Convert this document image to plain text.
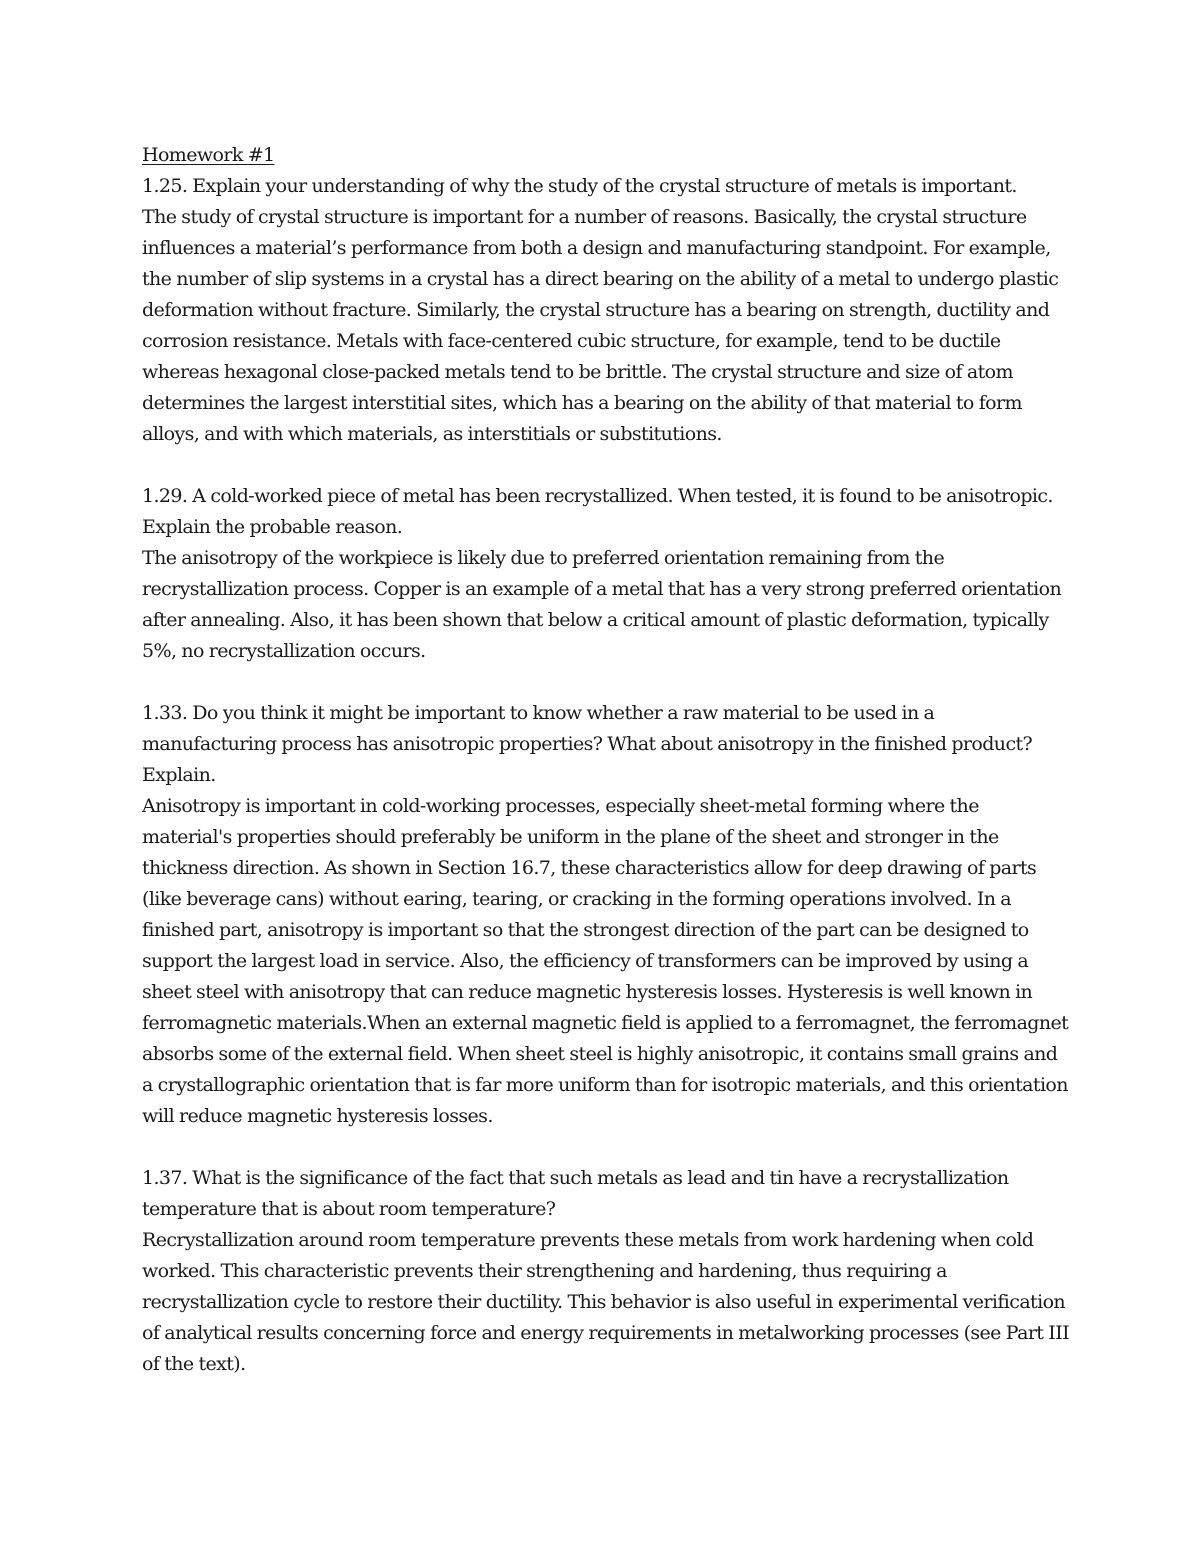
Homework #1

1.25. Explain your understanding of why the study of the crystal structure of metals is important.

The study of crystal structure is important for a number of reasons. Basically, the crystal structure influences a material’s performance from both a design and manufacturing standpoint. For example, the number of slip systems in a crystal has a direct bearing on the ability of a metal to undergo plastic deformation without fracture. Similarly, the crystal structure has a bearing on strength, ductility and corrosion resistance. Metals with face-centered cubic structure, for example, tend to be ductile whereas hexagonal close-packed metals tend to be brittle. The crystal structure and size of atom determines the largest interstitial sites, which has a bearing on the ability of that material to form alloys, and with which materials, as interstitials or substitutions.

1.29. A cold-worked piece of metal has been recrystallized. When tested, it is found to be anisotropic. Explain the probable reason.

The anisotropy of the workpiece is likely due to preferred orientation remaining from the recrystallization process. Copper is an example of a metal that has a very strong preferred orientation after annealing. Also, it has been shown that below a critical amount of plastic deformation, typically 5%, no recrystallization occurs.

1.33. Do you think it might be important to know whether a raw material to be used in a manufacturing process has anisotropic properties? What about anisotropy in the finished product? Explain.

Anisotropy is important in cold-working processes, especially sheet-metal forming where the material's properties should preferably be uniform in the plane of the sheet and stronger in the thickness direction. As shown in Section 16.7, these characteristics allow for deep drawing of parts (like beverage cans) without earing, tearing, or cracking in the forming operations involved. In a finished part, anisotropy is important so that the strongest direction of the part can be designed to support the largest load in service. Also, the efficiency of transformers can be improved by using a sheet steel with anisotropy that can reduce magnetic hysteresis losses. Hysteresis is well known in ferromagnetic materials.When an external magnetic field is applied to a ferromagnet, the ferromagnet absorbs some of the external field. When sheet steel is highly anisotropic, it contains small grains and a crystallographic orientation that is far more uniform than for isotropic materials, and this orientation will reduce magnetic hysteresis losses.

1.37. What is the significance of the fact that such metals as lead and tin have a recrystallization temperature that is about room temperature?

Recrystallization around room temperature prevents these metals from work hardening when cold worked. This characteristic prevents their strengthening and hardening, thus requiring a recrystallization cycle to restore their ductility. This behavior is also useful in experimental verification of analytical results concerning force and energy requirements in metalworking processes (see Part III of the text).
